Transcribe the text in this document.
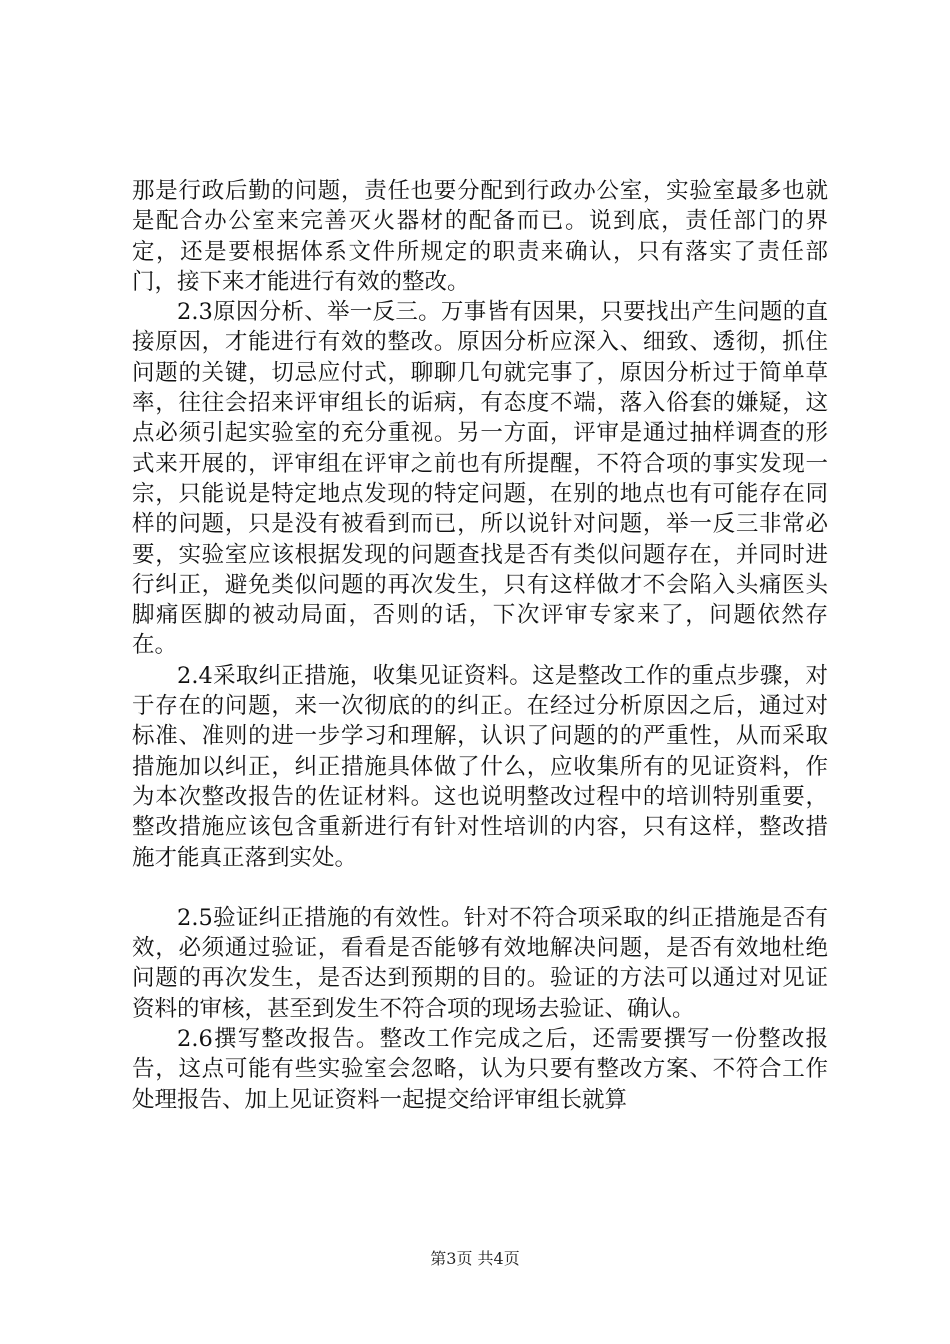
那是行政后勤的问题，责任也要分配到行政办公室，实验室最多也就是配合办公室来完善灭火器材的配备而已。说到底，责任部门的界定，还是要根据体系文件所规定的职责来确认，只有落实了责任部门，接下来才能进行有效的整改。

2.3原因分析、举一反三。万事皆有因果，只要找出产生问题的直接原因，才能进行有效的整改。原因分析应深入、细致、透彻，抓住问题的关键，切忌应付式，聊聊几句就完事了，原因分析过于简单草率，往往会招来评审组长的诟病，有态度不端，落入俗套的嫌疑，这点必须引起实验室的充分重视。另一方面，评审是通过抽样调查的形式来开展的，评审组在评审之前也有所提醒，不符合项的事实发现一宗，只能说是特定地点发现的特定问题，在别的地点也有可能存在同样的问题，只是没有被看到而已，所以说针对问题，举一反三非常必要，实验室应该根据发现的问题查找是否有类似问题存在，并同时进行纠正，避免类似问题的再次发生，只有这样做才不会陷入头痛医头脚痛医脚的被动局面，否则的话，下次评审专家来了，问题依然存在。

2.4采取纠正措施，收集见证资料。这是整改工作的重点步骤，对于存在的问题，来一次彻底的的纠正。在经过分析原因之后，通过对标准、准则的进一步学习和理解，认识了问题的的严重性，从而采取措施加以纠正，纠正措施具体做了什么，应收集所有的见证资料，作为本次整改报告的佐证材料。这也说明整改过程中的培训特别重要，整改措施应该包含重新进行有针对性培训的内容，只有这样，整改措施才能真正落到实处。

2.5验证纠正措施的有效性。针对不符合项采取的纠正措施是否有效，必须通过验证，看看是否能够有效地解决问题，是否有效地杜绝问题的再次发生，是否达到预期的目的。验证的方法可以通过对见证资料的审核，甚至到发生不符合项的现场去验证、确认。

2.6撰写整改报告。整改工作完成之后，还需要撰写一份整改报告，这点可能有些实验室会忽略，认为只要有整改方案、不符合工作处理报告、加上见证资料一起提交给评审组长就算

第3页 共4页
